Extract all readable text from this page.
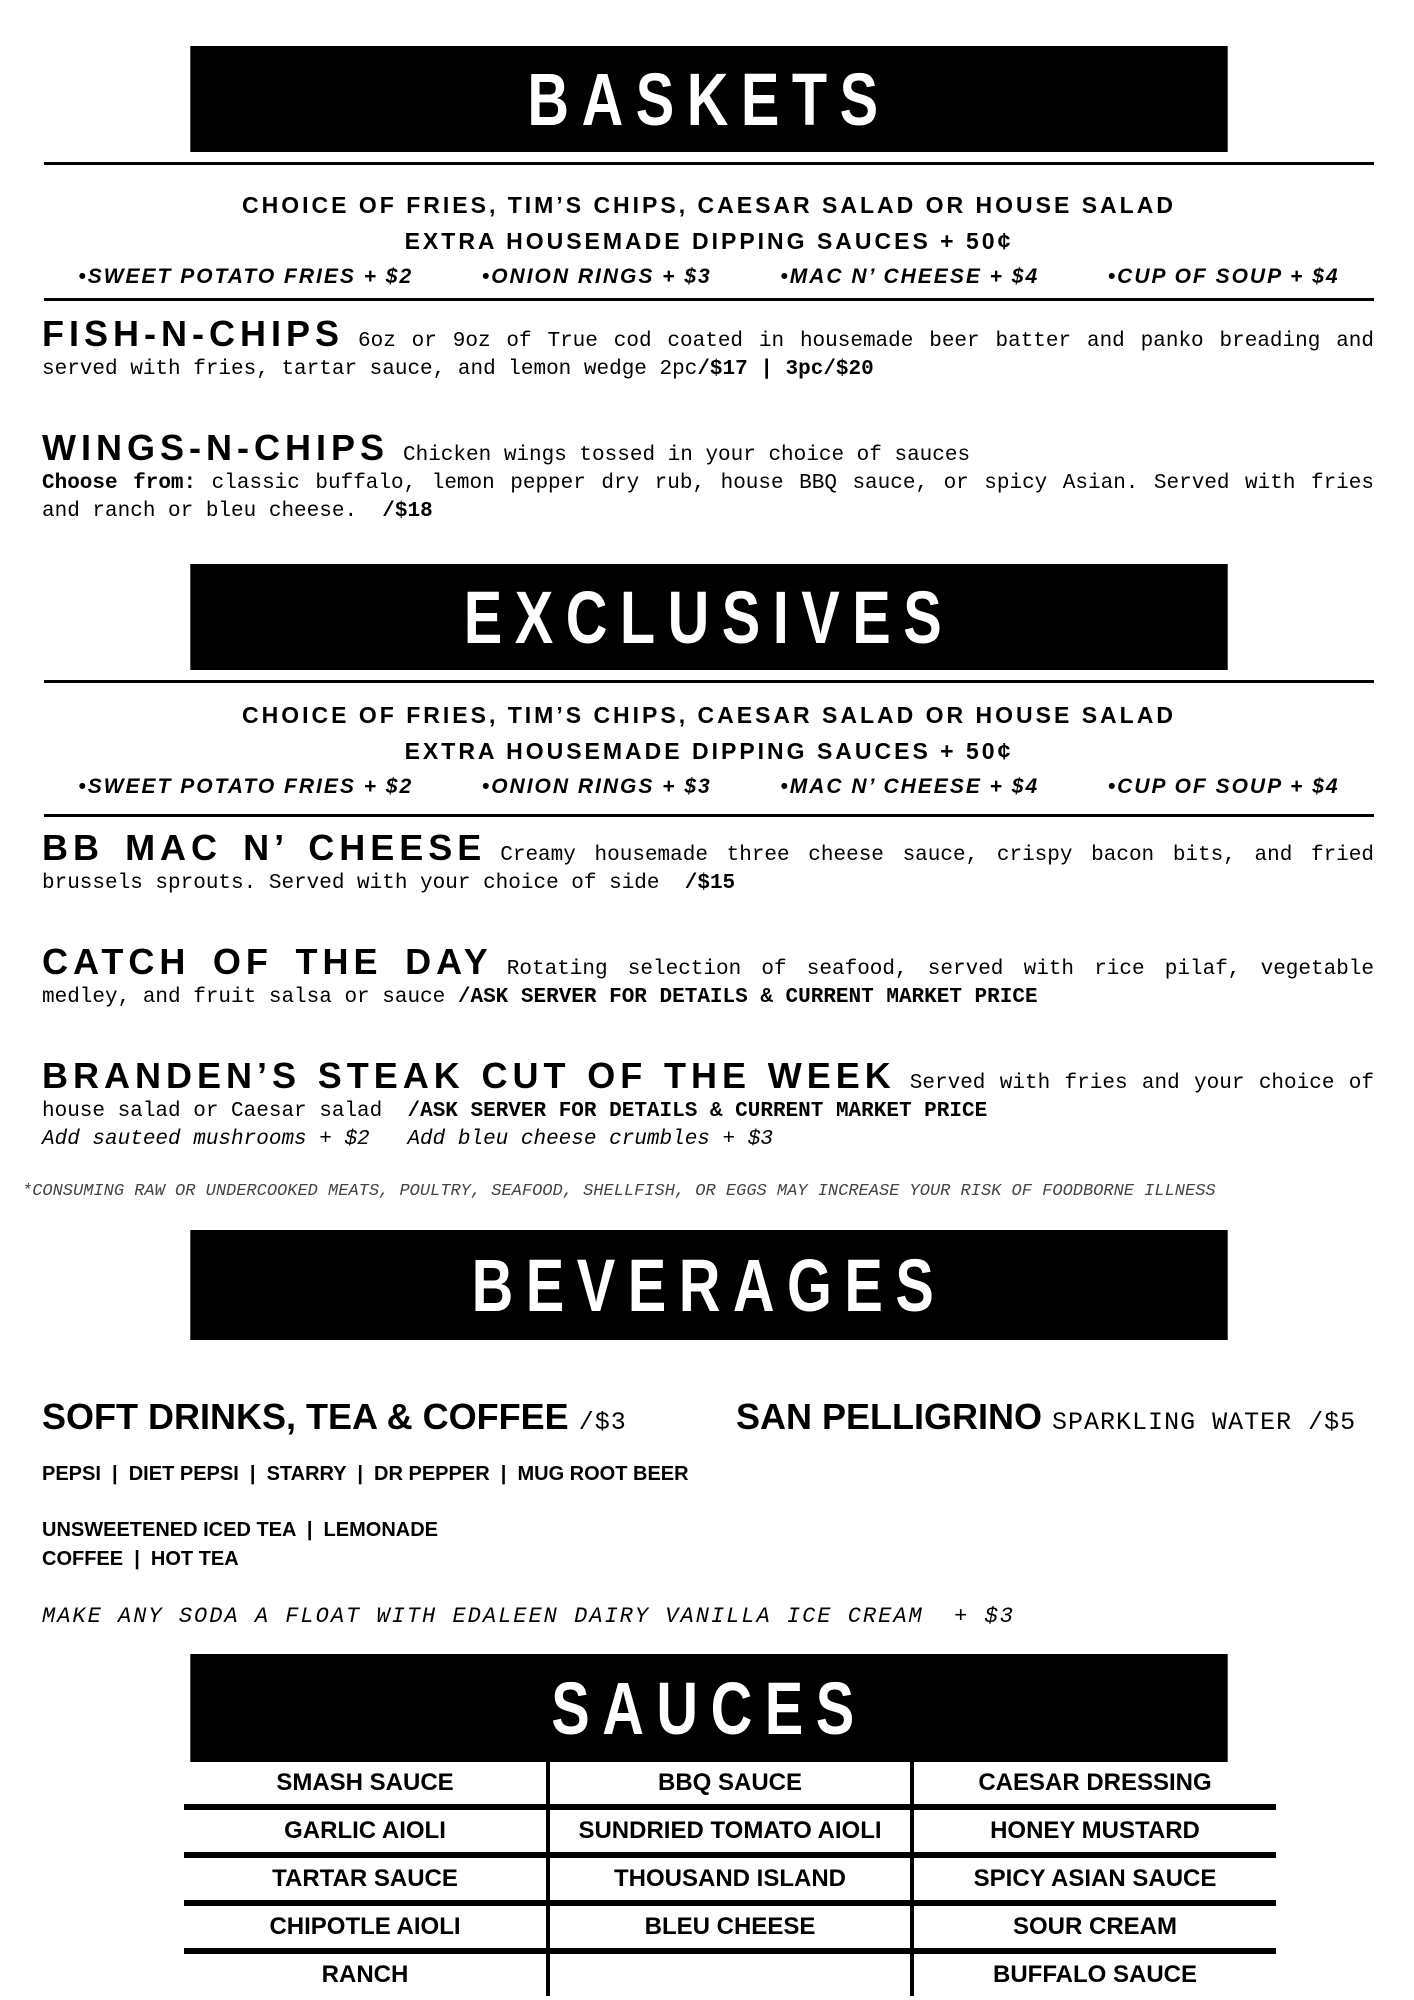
BASKETS
CHOICE OF FRIES, TIM’S CHIPS, CAESAR SALAD OR HOUSE SALAD
EXTRA HOUSEMADE DIPPING SAUCES + 50¢
•SWEET POTATO FRIES + $2	•ONION RINGS + $3	•MAC N’ CHEESE + $4	•CUP OF SOUP + $4
FISH-N-CHIPS 6oz or 9oz of True cod coated in housemade beer batter and panko breading and served with fries, tartar sauce, and lemon wedge 2pc/$17 | 3pc/$20
WINGS-N-CHIPS Chicken wings tossed in your choice of sauces
Choose from: classic buffalo, lemon pepper dry rub, house BBQ sauce, or spicy Asian. Served with fries and ranch or bleu cheese. /$18
EXCLUSIVES
CHOICE OF FRIES, TIM’S CHIPS, CAESAR SALAD OR HOUSE SALAD
EXTRA HOUSEMADE DIPPING SAUCES + 50¢
•SWEET POTATO FRIES + $2	•ONION RINGS + $3	•MAC N’ CHEESE + $4	•CUP OF SOUP + $4
BB MAC N’ CHEESE Creamy housemade three cheese sauce, crispy bacon bits, and fried brussels sprouts. Served with your choice of side /$15
CATCH OF THE DAY Rotating selection of seafood, served with rice pilaf, vegetable medley, and fruit salsa or sauce /ASK SERVER FOR DETAILS & CURRENT MARKET PRICE
BRANDEN’S STEAK CUT OF THE WEEK Served with fries and your choice of house salad or Caesar salad /ASK SERVER FOR DETAILS & CURRENT MARKET PRICE
Add sauteed mushrooms + $2   Add bleu cheese crumbles + $3
*CONSUMING RAW OR UNDERCOOKED MEATS, POULTRY, SEAFOOD, SHELLFISH, OR EGGS MAY INCREASE YOUR RISK OF FOODBORNE ILLNESS
BEVERAGES
SOFT DRINKS, TEA & COFFEE /$3	SAN PELLIGRINO SPARKLING WATER /$5
PEPSI  |  DIET PEPSI  |  STARRY  |  DR PEPPER  |  MUG ROOT BEER
UNSWEETENED ICED TEA  |  LEMONADE
COFFEE  |  HOT TEA
MAKE ANY SODA A FLOAT WITH EDALEEN DAIRY VANILLA ICE CREAM  + $3
SAUCES
SMASH SAUCE	BBQ SAUCE	CAESAR DRESSING
GARLIC AIOLI	SUNDRIED TOMATO AIOLI	HONEY MUSTARD
TARTAR SAUCE	THOUSAND ISLAND	SPICY ASIAN SAUCE
CHIPOTLE AIOLI	BLEU CHEESE	SOUR CREAM
RANCH		BUFFALO SAUCE
